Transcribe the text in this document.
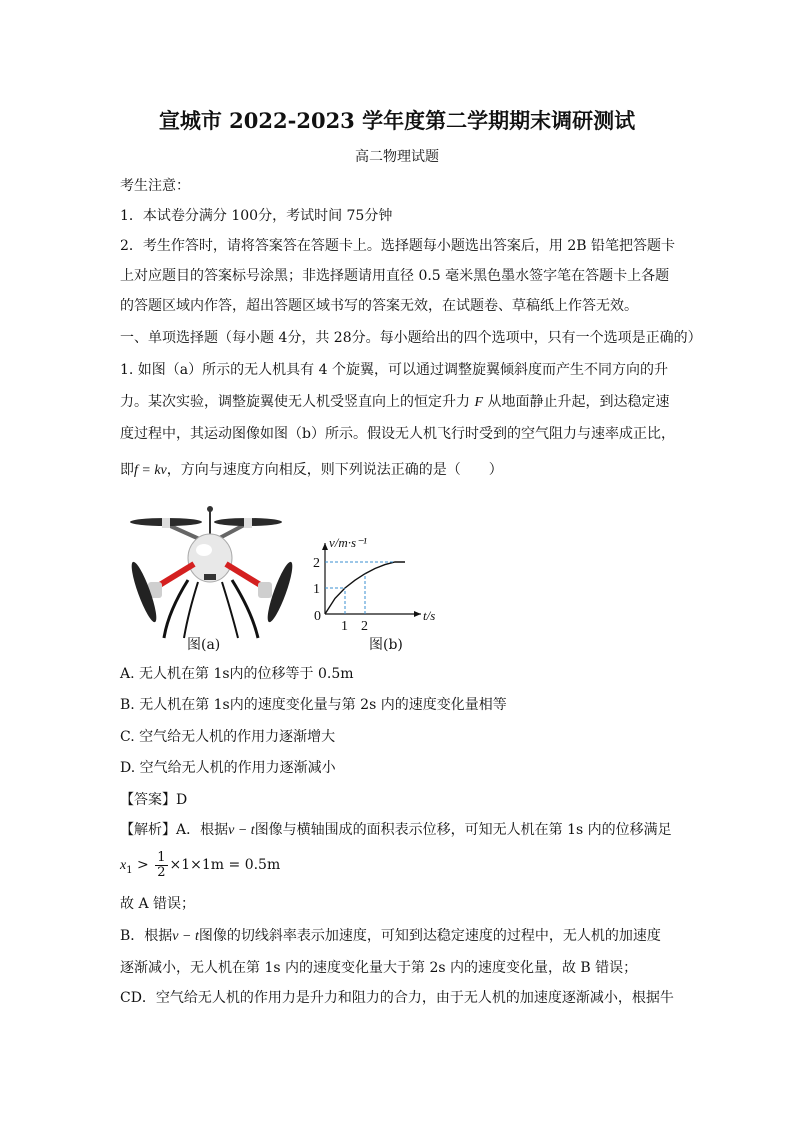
宣城市 2022-2023 学年度第二学期期末调研测试
高二物理试题
考生注意：
1．本试卷分满分 100分，考试时间 75分钟
2．考生作答时，请将答案答在答题卡上。选择题每小题选出答案后，用 2B 铅笔把答题卡
上对应题目的答案标号涂黑；非选择题请用直径 0.5 毫米黑色墨水签字笔在答题卡上各题
的答题区域内作答，超出答题区域书写的答案无效，在试题卷、草稿纸上作答无效。
一、单项选择题（每小题 4分，共 28分。每小题给出的四个选项中，只有一个选项是正确的）
1. 如图（a）所示的无人机具有 4 个旋翼，可以通过调整旋翼倾斜度而产生不同方向的升
力。某次实验，调整旋翼使无人机受竖直向上的恒定升力 F 从地面静止升起，到达稳定速
度过程中，其运动图像如图（b）所示。假设无人机飞行时受到的空气阻力与速率成正比，
即f = kv，方向与速度方向相反，则下列说法正确的是（　　）
图(a)
v/m·s⁻¹
t/s
0
1 2
1
2
图(b)
A. 无人机在第 1s内的位移等于 0.5m
B. 无人机在第 1s内的速度变化量与第 2s 内的速度变化量相等
C. 空气给无人机的作用力逐渐增大
D. 空气给无人机的作用力逐渐减小
【答案】D
【解析】A．根据v − t图像与横轴围成的面积表示位移，可知无人机在第 1s 内的位移满足
$x_1 > \frac{1}{2} \times 1\times 1m = 0.5m$
故 A 错误；
B．根据v − t图像的切线斜率表示加速度，可知到达稳定速度的过程中，无人机的加速度
逐渐减小，无人机在第 1s 内的速度变化量大于第 2s 内的速度变化量，故 B 错误；
CD．空气给无人机的作用力是升力和阻力的合力，由于无人机的加速度逐渐减小，根据牛
